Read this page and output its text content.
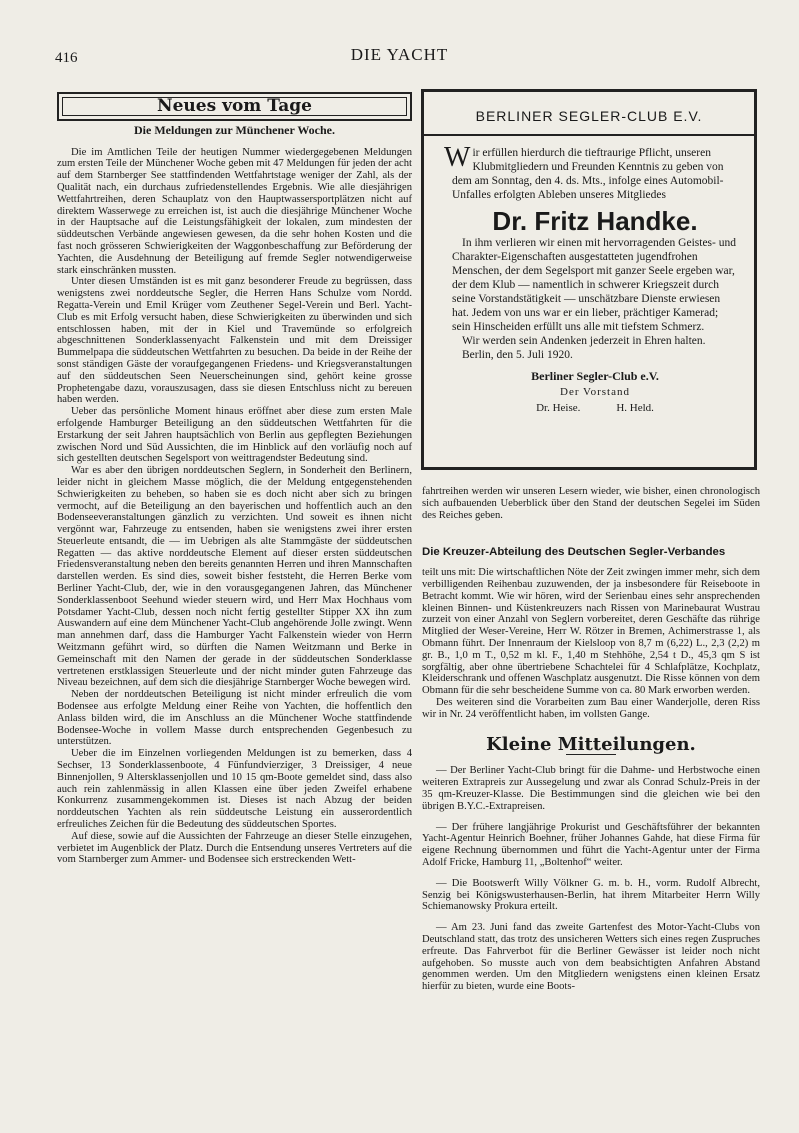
416	DIE YACHT
Neues vom Tage
Die Meldungen zur Münchener Woche.

Die im Amtlichen Teile der heutigen Nummer wiedergegebenen Meldungen zum ersten Teile der Münchener Woche geben mit 47 Meldungen für jeden der acht auf dem Starnberger See stattfindenden Wettfahrtstage weniger der Zahl, als der Qualität nach, ein durchaus zufriedenstellendes Ergebnis. Wie alle diesjährigen Wettfahrtreihen, deren Schauplatz von den Hauptwassersportplätzen nicht auf direktem Wasserwege zu erreichen ist, ist auch die diesjährige Münchener Woche in der Hauptsache auf die Leistungsfähigkeit der lokalen, zum mindesten der süddeutschen Verbände angewiesen gewesen, da die sehr hohen Kosten und die fast noch grösseren Schwierigkeiten der Waggonbeschaffung zur Beförderung der Yachten, die Ausdehnung der Beteiligung auf fremde Segler notwendigerweise stark einschränken mussten.

Unter diesen Umständen ist es mit ganz besonderer Freude zu begrüssen, dass wenigstens zwei norddeutsche Segler, die Herren Hans Schulze vom Nordd. Regatta-Verein und Emil Krüger vom Zeuthener Segel-Verein und Berl. Yacht-Club es mit Erfolg versucht haben, diese Schwierigkeiten zu überwinden und sich entschlossen haben, mit der in Kiel und Travemünde so erfolgreich abgeschnittenen Sonderklassenyacht Falkenstein und mit dem Dreissiger Bummelpapa die süddeutschen Wettfahrten zu besuchen. Da beide in der Reihe der sonst ständigen Gäste der voraufgegangenen Friedens- und Kriegsveranstaltungen auf den süddeutschen Seen Neuerscheinungen sind, gehört keine grosse Prophetengabe dazu, vorauszusagen, dass sie diesen Entschluss nicht zu bereuen haben werden.

Ueber das persönliche Moment hinaus eröffnet aber diese zum ersten Male erfolgende Hamburger Beteiligung an den süddeutschen Wettfahrten für die Erstarkung der seit Jahren hauptsächlich von Berlin aus gepflegten Beziehungen zwischen Nord und Süd Aussichten, die im Hinblick auf den vorläufig noch auf sich gestellten deutschen Segelsport von weittragendster Bedeutung sind.

War es aber den übrigen norddeutschen Seglern, in Sonderheit den Berlinern, leider nicht in gleichem Masse möglich, die der Meldung entgegenstehenden Schwierigkeiten zu beheben, so haben sie es doch nicht aber sich zu bringen vermocht, auf die Beteiligung an den bayerischen und hoffentlich auch an den Bodenseeveranstaltungen gänzlich zu verzichten. Und soweit es ihnen nicht vergönnt war, Fahrzeuge zu entsenden, haben sie wenigstens zwei ihrer ersten Steuerleute entsandt, die — im Uebrigen als alte Stammgäste der süddeutschen Regatten — das aktive norddeutsche Element auf dieser ersten süddeutschen Friedensveranstaltung neben den bereits genannten Herren und ihren Mannschaften darstellen werden. Es sind dies, soweit bisher feststeht, die Herren Berke vom Berliner Yacht-Club, der, wie in den vorausgegangenen Jahren, das Münchener Sonderklassenboot Seehund wieder steuern wird, und Herr Max Hochhaus vom Potsdamer Yacht-Club, dessen noch nicht fertig gestellter Stipper XX ihn zum Auswandern auf eine dem Münchener Yacht-Club angehörende Jolle zwingt. Wenn man annehmen darf, dass die Hamburger Yacht Falkenstein wieder von Herrn Weitzmann geführt wird, so dürften die Namen Weitzmann und Berke in Gemeinschaft mit den Namen der gerade in der süddeutschen Sonderklasse vertretenen erstklassigen Steuerleute und der nicht minder guten Fahrzeuge das Niveau bezeichnen, auf dem sich die diesjährige Starnberger Woche bewegen wird.

Neben der norddeutschen Beteiligung ist nicht minder erfreulich die vom Bodensee aus erfolgte Meldung einer Reihe von Yachten, die hoffentlich den Anlass bilden wird, die im Anschluss an die Münchener Woche stattfindende Bodensee-Woche in vollem Masse durch entsprechenden Gegenbesuch zu unterstützen.

Ueber die im Einzelnen vorliegenden Meldungen ist zu bemerken, dass 4 Sechser, 13 Sonderklassenboote, 4 Fünfundvierziger, 3 Dreissiger, 4 neue Binnenjollen, 9 Altersklassenjollen und 10 15 qm-Boote gemeldet sind, dass also auch rein zahlenmässig in allen Klassen eine über jeden Zweifel erhabene Konkurrenz zusammengekommen ist. Dieses ist nach Abzug der beiden norddeutschen Yachten als rein süddeutsche Leistung ein ausserordentlich erfreuliches Zeichen für die Bedeutung des süddeutschen Sportes.

Auf diese, sowie auf die Aussichten der Fahrzeuge an dieser Stelle einzugehen, verbietet im Augenblick der Platz. Durch die Entsendung unseres Vertreters auf die vom Starnberger zum Ammer- und Bodensee sich erstreckenden Wett-

BERLINER SEGLER-CLUB E.V.

Wir erfüllen hierdurch die tieftraurige Pflicht, unseren Klubmitgliedern und Freunden Kenntnis zu geben von dem am Sonntag, den 4. ds. Mts., infolge eines Automobil-Unfalles erfolgten Ableben unseres Mitgliedes

Dr. Fritz Handke.

In ihm verlieren wir einen mit hervorragenden Geistes- und Charakter-Eigenschaften ausgestatteten jugendfrohen Menschen, der dem Segelsport mit ganzer Seele ergeben war, der dem Klub — namentlich in schwerer Kriegszeit durch seine Vorstandstätigkeit — unschätzbare Dienste erwiesen hat. Jedem von uns war er ein lieber, prächtiger Kamerad; sein Hinscheiden erfüllt uns alle mit tiefstem Schmerz.

Wir werden sein Andenken jederzeit in Ehren halten.

Berlin, den 5. Juli 1920.

Berliner Segler-Club e.V.
Der Vorstand
Dr. Heise.	H. Held.

fahrtreihen werden wir unseren Lesern wieder, wie bisher, einen chronologisch sich aufbauenden Ueberblick über den Stand der deutschen Segelei im Süden des Reiches geben.

Die Kreuzer-Abteilung des Deutschen Segler-Verbandes

teilt uns mit: Die wirtschaftlichen Nöte der Zeit zwingen immer mehr, sich dem verbilligenden Reihenbau zuzuwenden, der ja insbesondere für Reiseboote in Betracht kommt. Wie wir hören, wird der Serienbau eines sehr ansprechenden kleinen Binnen- und Küstenkreuzers nach Rissen von Marinebaurat Wustrau zurzeit von einer Anzahl von Seglern vorbereitet, deren Geschäfte das rührige Mitglied der Weser-Vereine, Herr W. Rötzer in Bremen, Achimerstrasse 1, als Obmann führt. Der Innenraum der Kielsloop von 8,7 m (6,22) L., 2,3 (2,2) m gr. B., 1,0 m T., 0,52 m kl. F., 1,40 m Stehhöhe, 2,54 t D., 45,3 qm S ist sorgfältig, aber ohne übertriebene Schachtelei für 4 Schlafplätze, Kochplatz, Kleiderschrank und offenen Waschplatz ausgenutzt. Die Risse können von dem Obmann für die sehr bescheidene Summe von ca. 80 Mark erworben werden.

Des weiteren sind die Vorarbeiten zum Bau einer Wanderjolle, deren Riss wir in Nr. 24 veröffentlicht haben, im vollsten Gange.

Kleine Mitteilungen.

— Der Berliner Yacht-Club bringt für die Dahme- und Herbstwoche einen weiteren Extrapreis zur Aussegelung und zwar als Conrad Schulz-Preis in der 35 qm-Kreuzer-Klasse. Die Bestimmungen sind die gleichen wie bei den übrigen B.Y.C.-Extrapreisen.

— Der frühere langjährige Prokurist und Geschäftsführer der bekannten Yacht-Agentur Heinrich Boehner, früher Johannes Gahde, hat diese Firma für eigene Rechnung übernommen und führt die Yacht-Agentur unter der Firma Adolf Fricke, Hamburg 11, „Boltenhof“ weiter.

— Die Bootswerft Willy Völkner G. m. b. H., vorm. Rudolf Albrecht, Senzig bei Königswusterhausen-Berlin, hat ihrem Mitarbeiter Herrn Willy Schiemanowsky Prokura erteilt.

— Am 23. Juni fand das zweite Gartenfest des Motor-Yacht-Clubs von Deutschland statt, das trotz des unsicheren Wetters sich eines regen Zuspruches erfreute. Das Fahrverbot für die Berliner Gewässer ist leider noch nicht aufgehoben. So musste auch von dem beabsichtigten Anfahren Abstand genommen werden. Um den Mitgliedern wenigstens einen kleinen Ersatz hierfür zu bieten, wurde eine Boots-
